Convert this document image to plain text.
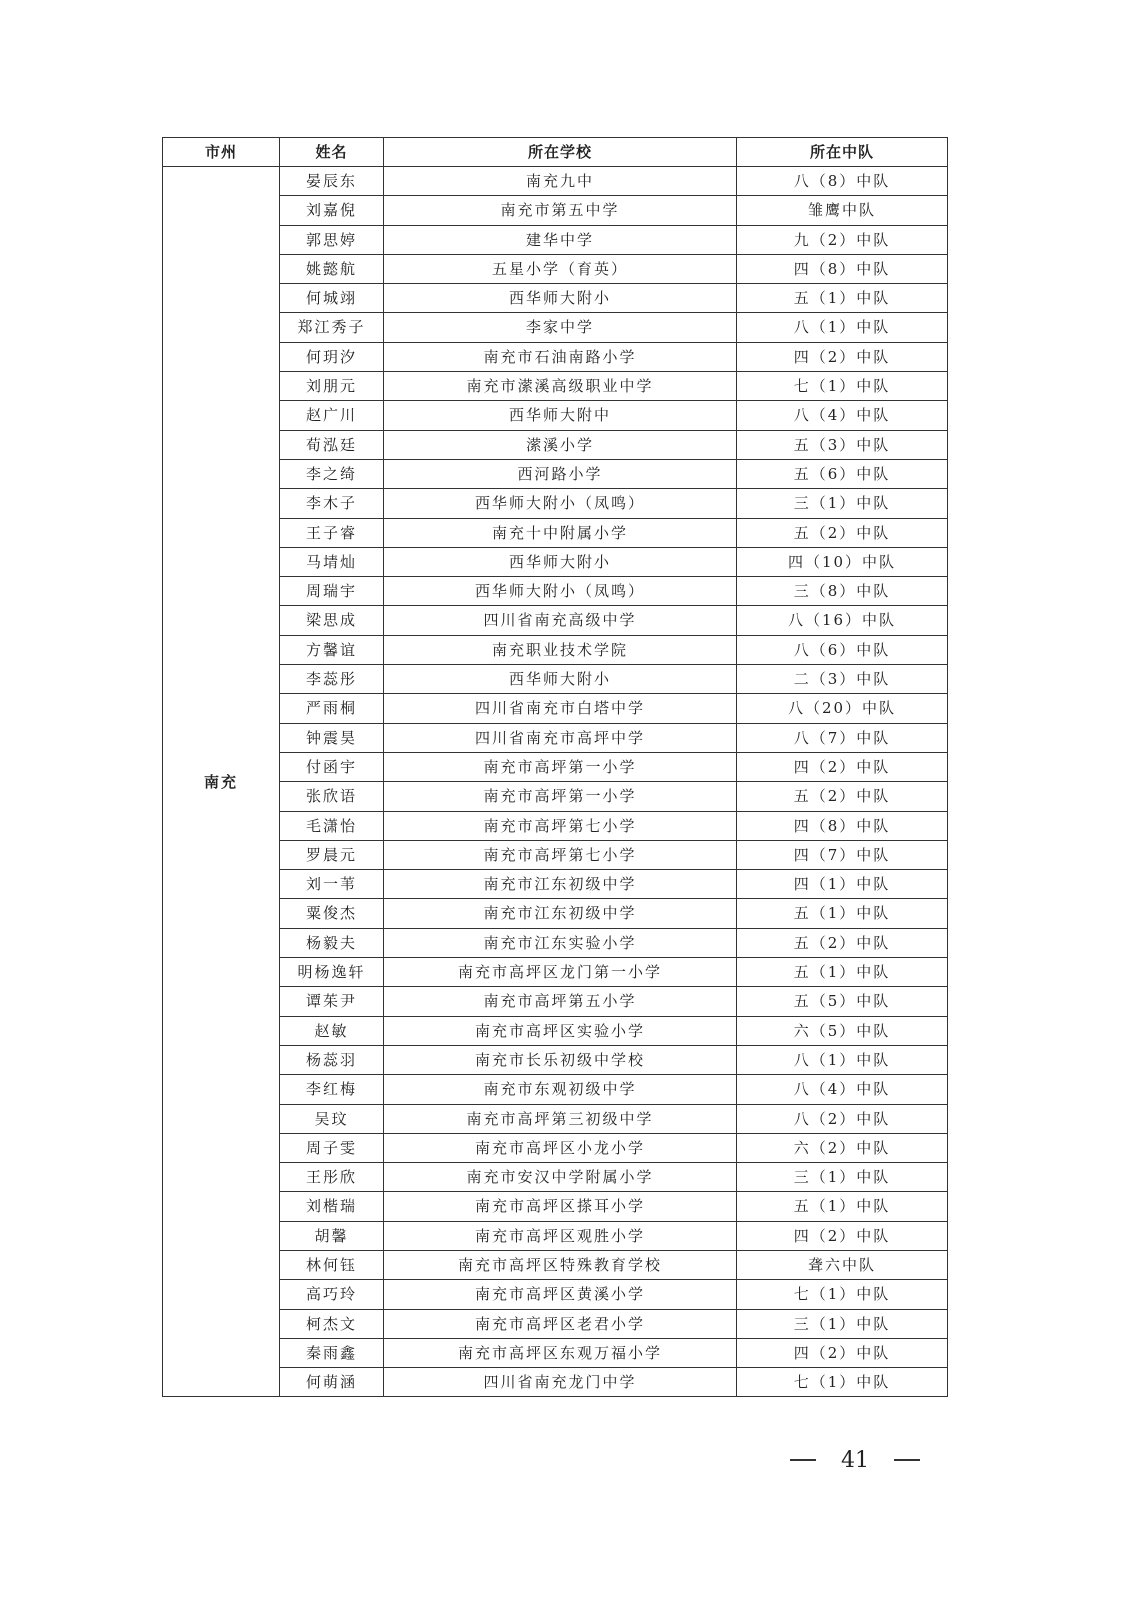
市州	姓名	所在学校	所在中队
南充	晏辰东	南充九中	八（8）中队
	刘嘉倪	南充市第五中学	雏鹰中队
	郭思婷	建华中学	九（2）中队
	姚懿航	五星小学（育英）	四（8）中队
	何城翊	西华师大附小	五（1）中队
	郑江秀子	李家中学	八（1）中队
	何玥汐	南充市石油南路小学	四（2）中队
	刘朋元	南充市潆溪高级职业中学	七（1）中队
	赵广川	西华师大附中	八（4）中队
	荀泓廷	潆溪小学	五（3）中队
	李之绮	西河路小学	五（6）中队
	李木子	西华师大附小（凤鸣）	三（1）中队
	王子睿	南充十中附属小学	五（2）中队
	马埥灿	西华师大附小	四（10）中队
	周瑞宇	西华师大附小（凤鸣）	三（8）中队
	梁思成	四川省南充高级中学	八（16）中队
	方馨谊	南充职业技术学院	八（6）中队
	李蕊彤	西华师大附小	二（3）中队
	严雨桐	四川省南充市白塔中学	八（20）中队
	钟震昊	四川省南充市高坪中学	八（7）中队
	付函宇	南充市高坪第一小学	四（2）中队
	张欣语	南充市高坪第一小学	五（2）中队
	毛潇怡	南充市高坪第七小学	四（8）中队
	罗晨元	南充市高坪第七小学	四（7）中队
	刘一苇	南充市江东初级中学	四（1）中队
	粟俊杰	南充市江东初级中学	五（1）中队
	杨毅夫	南充市江东实验小学	五（2）中队
	明杨逸轩	南充市高坪区龙门第一小学	五（1）中队
	谭茱尹	南充市高坪第五小学	五（5）中队
	赵敏	南充市高坪区实验小学	六（5）中队
	杨蕊羽	南充市长乐初级中学校	八（1）中队
	李红梅	南充市东观初级中学	八（4）中队
	吴玟	南充市高坪第三初级中学	八（2）中队
	周子雯	南充市高坪区小龙小学	六（2）中队
	王彤欣	南充市安汉中学附属小学	三（1）中队
	刘楷瑞	南充市高坪区搽耳小学	五（1）中队
	胡馨	南充市高坪区观胜小学	四（2）中队
	林何钰	南充市高坪区特殊教育学校	聋六中队
	高巧玲	南充市高坪区黄溪小学	七（1）中队
	柯杰文	南充市高坪区老君小学	三（1）中队
	秦雨鑫	南充市高坪区东观万福小学	四（2）中队
	何萌涵	四川省南充龙门中学	七（1）中队
41
